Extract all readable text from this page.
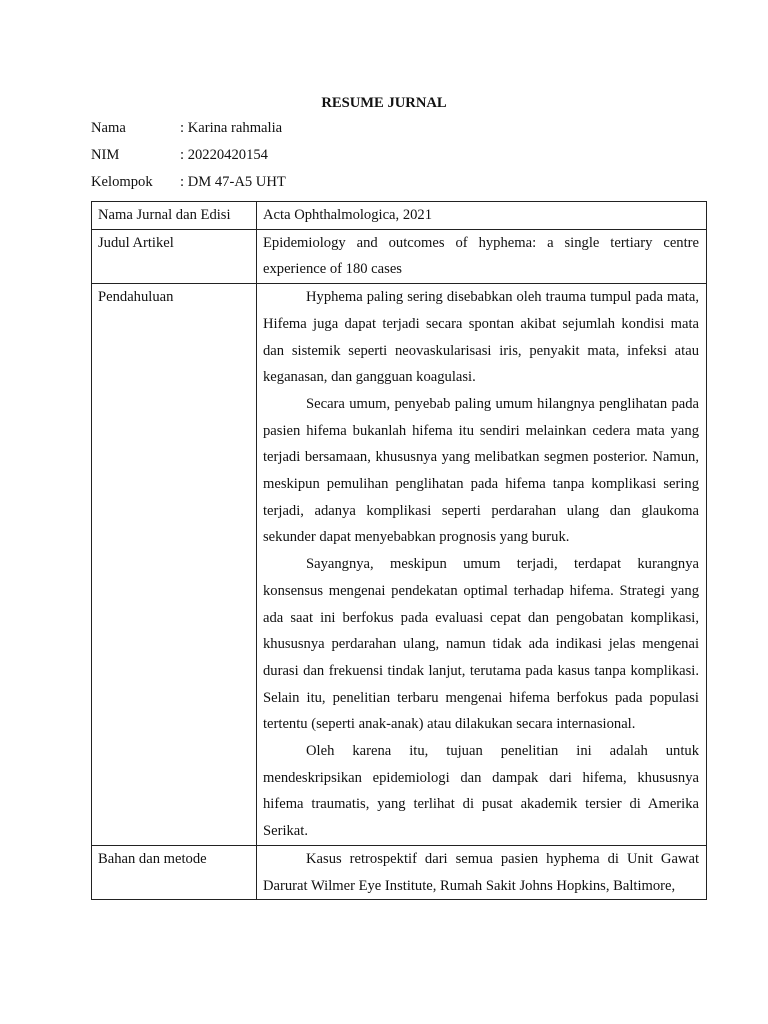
RESUME JURNAL
Nama	: Karina rahmalia
NIM	: 20220420154
Kelompok : DM 47-A5 UHT
Nama Jurnal dan Edisi	Acta Ophthalmologica, 2021
Judul Artikel	Epidemiology and outcomes of hyphema: a single tertiary centre experience of 180 cases
Pendahuluan	Hyphema paling sering disebabkan oleh trauma tumpul pada mata, Hifema juga dapat terjadi secara spontan akibat sejumlah kondisi mata dan sistemik seperti neovaskularisasi iris, penyakit mata, infeksi atau keganasan, dan gangguan koagulasi.

Secara umum, penyebab paling umum hilangnya penglihatan pada pasien hifema bukanlah hifema itu sendiri melainkan cedera mata yang terjadi bersamaan, khususnya yang melibatkan segmen posterior. Namun, meskipun pemulihan penglihatan pada hifema tanpa komplikasi sering terjadi, adanya komplikasi seperti perdarahan ulang dan glaukoma sekunder dapat menyebabkan prognosis yang buruk.

Sayangnya, meskipun umum terjadi, terdapat kurangnya konsensus mengenai pendekatan optimal terhadap hifema. Strategi yang ada saat ini berfokus pada evaluasi cepat dan pengobatan komplikasi, khususnya perdarahan ulang, namun tidak ada indikasi jelas mengenai durasi dan frekuensi tindak lanjut, terutama pada kasus tanpa komplikasi. Selain itu, penelitian terbaru mengenai hifema berfokus pada populasi tertentu (seperti anak-anak) atau dilakukan secara internasional.

Oleh karena itu, tujuan penelitian ini adalah untuk mendeskripsikan epidemiologi dan dampak dari hifema, khususnya hifema traumatis, yang terlihat di pusat akademik tersier di Amerika Serikat.

Bahan dan metode	Kasus retrospektif dari semua pasien hyphema di Unit Gawat Darurat Wilmer Eye Institute, Rumah Sakit Johns Hopkins, Baltimore,
